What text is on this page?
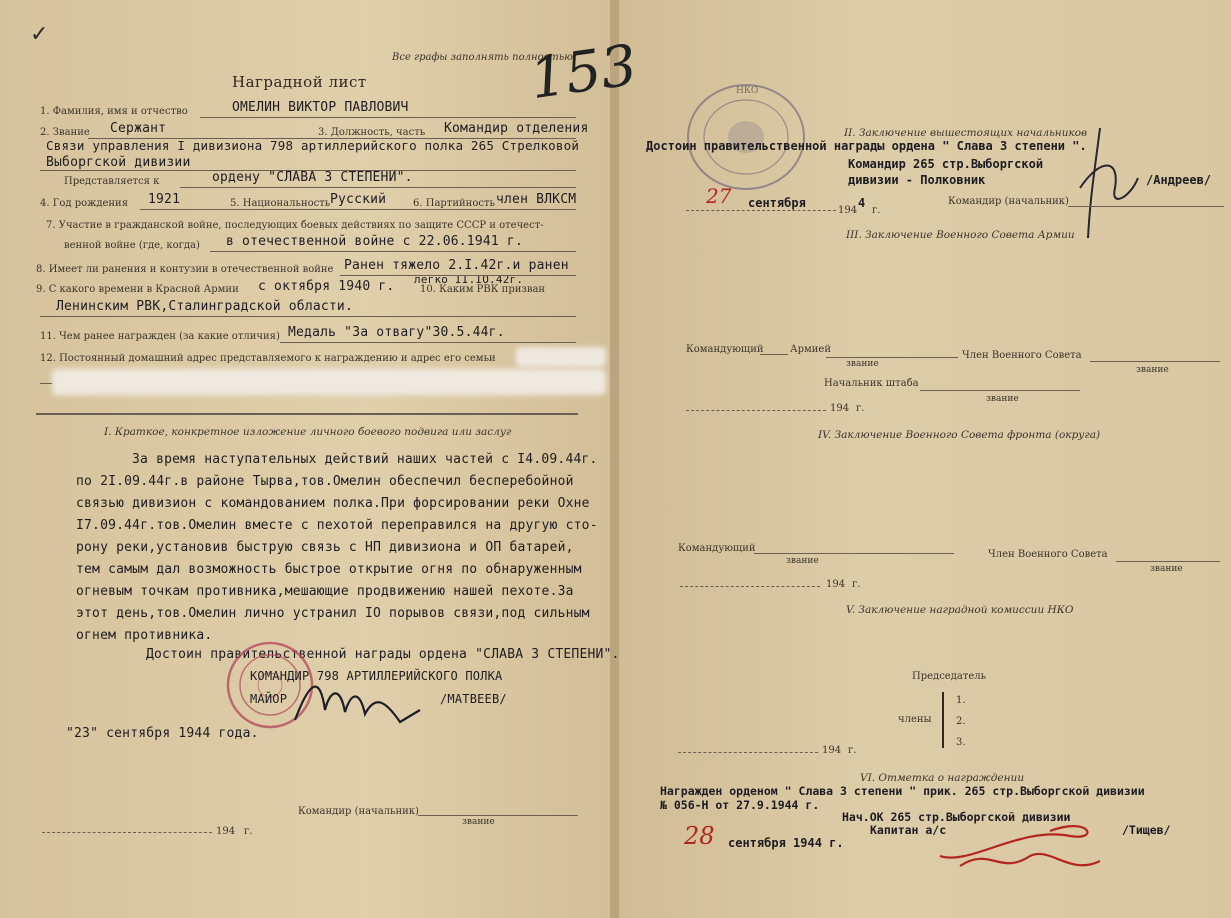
✓
Все графы заполнять полностью
153
Наградной лист
1. Фамилия, имя и отчество	ОМЕЛИН ВИКТОР ПАВЛОВИЧ
2. Звание Сержант	3. Должность, часть Командир отделения
Связи управления I дивизиона 798 артиллерийского полка 265 Стрелковой
Выборгской дивизии
Представляется к	ордену "СЛАВА 3 СТЕПЕНИ".
4. Год рождения 1921	5. Национальность Русский	6. Партийность член ВЛКСМ
7. Участие в гражданской войне, последующих боевых действиях по защите СССР и отечест-
венной войне (где, когда) в отечественной войне с 22.06.1941 г.
8. Имеет ли ранения и контузии в отечественной войне Ранен тяжело 2.I.42г.и ранен
легко II.IO.42г.
9. С какого времени в Красной Армии с октября 1940 г.	10. Каким РВК призван
Ленинским РВК,Сталинградской области.
11. Чем ранее награжден (за какие отличия) Медаль "За отвагу"30.5.44г.
12. Постоянный домашний адрес представляемого к награждению и адрес его семьи
I. Краткое, конкретное изложение личного боевого подвига или заслуг
За время наступательных действий наших частей с I4.09.44г.
по 2I.09.44г.в районе Тырва,тов.Омелин обеспечил бесперебойной
связью дивизион с командованием полка.При форсировании реки Охне
I7.09.44г.тов.Омелин вместе с пехотой переправился на другую сто-
рону реки,установив быструю связь с НП дивизиона и ОП батарей,
тем самым дал возможность быстрое открытие огня по обнаруженным
огневым точкам противника,мешающие продвижению нашей пехоте.За
этот день,тов.Омелин лично устранил IO порывов связи,под сильным
огнем противника.
Достоин правительственной награды ордена "СЛАВА 3 СТЕПЕНИ".
КОМАНДИР 798 АРТИЛЛЕРИЙСКОГО ПОЛКА
МАЙОР	/МАТВЕЕВ/
"23" сентября 1944 года.
Командир (начальник)
звание
194 г.
НКО
II. Заключение вышестоящих начальников
Достоин правительственной награды ордена " Слава 3 степени ".
Командир 265 стр.Выборгской
дивизии - Полковник	/Андреев/
27 сентября
194
4
г.
Командир (начальник)
III. Заключение Военного Совета Армии
Командующий	Армией
звание
Член Военного Совета
звание
Начальник штаба
звание
194 г.
IV. Заключение Военного Совета фронта (округа)
Командующий
звание
Член Военного Совета
звание
194 г.
V. Заключение наградной комиссии НКО
Председатель
члены
1.
2.
3.
194 г.
VI. Отметка о награждении
Награжден орденом " Слава 3 степени " прик. 265 стр.Выборгской дивизии
№ 056-Н от 27.9.1944 г.
Нач.ОК 265 стр.Выборгской дивизии
Капитан а/с	/Тищев/
28 сентября 1944 г.
